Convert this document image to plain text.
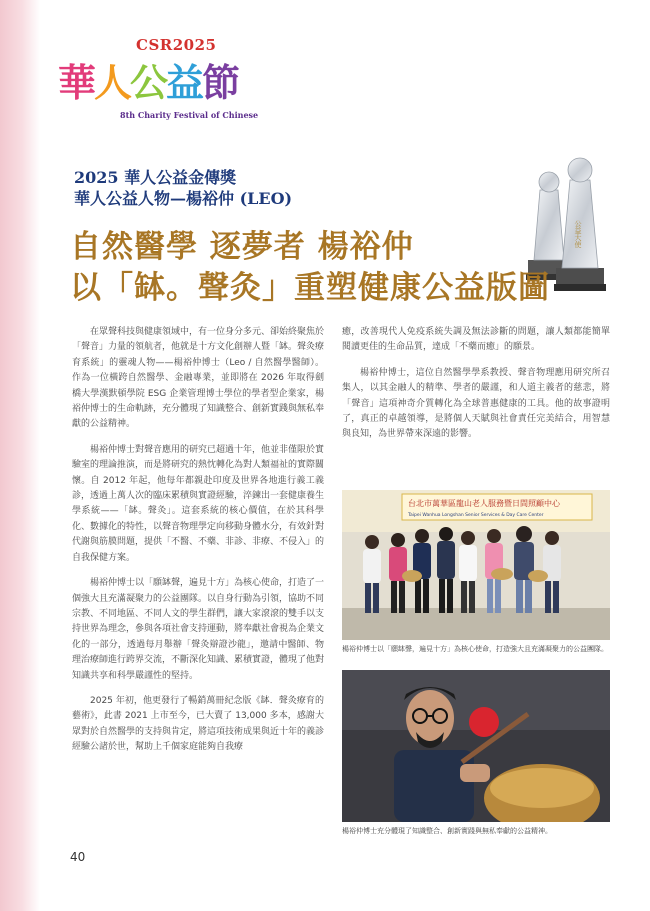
CSR2025
華人公益節
8th Charity Festival of Chinese
2025 華人公益金傳獎
華人公益人物—楊裕仲 (LEO)
公益大使
自然醫學 逐夢者 楊裕仲
以「缽。聲灸」重塑健康公益版圖

在眾聲科技與健康領域中，有一位身分多元、卻始終聚焦於「聲音」力量的領航者，他就是十方文化創辦人暨「缽。聲灸療育系統」的靈魂人物——楊裕仲博士（Leo / 自然醫學醫師）。作為一位橫跨自然醫學、金融專業，並即將在 2026 年取得劍橋大學漢默頓學院 ESG 企業管理博士學位的學者型企業家，楊裕仲博士的生命軌跡，充分體現了知識整合、創新實踐與無私奉獻的公益精神。

楊裕仲博士對聲音應用的研究已超過十年，他並非僅限於實驗室的理論推演，而是將研究的熱忱轉化為對人類福祉的實際關懷。自 2012 年起，他每年都親赴印度及世界各地進行義工義診，透過上萬人次的臨床累積與實證經驗，淬鍊出一套健康養生學系統——「缽。聲灸」。這套系統的核心價值，在於其科學化、數據化的特性，以聲音物理學定向移動身體水分，有效針對代謝與筋膜問題，提供「不醫、不藥、非診、非療、不侵入」的自我保健方案。

楊裕仲博士以「願缽聲，遍見十方」為核心使命，打造了一個強大且充滿凝聚力的公益團隊。以自身行動為引領，協助不同宗教、不同地區、不同人文的學生群們，讓大家滾滾的雙手以支持世界為理念，參與各項社會支持運動，將奉獻社會視為企業文化的一部分，透過每月舉辦「聲灸辯證沙龍」，邀請中醫師、物理治療師進行跨界交流，不斷深化知識、累積實證，體現了他對知識共享和科學嚴謹性的堅持。

2025 年初，他更發行了暢銷萬冊紀念版《缽．聲灸療育的藝術》，此書 2021 上市至今，已大賣了 13,000 多本，感謝大眾對於自然醫學的支持與肯定，將這項技術成果與近十年的義診經驗公諸於世，幫助上千個家庭能夠自我療

癒，改善現代人免疫系統失調及無法診斷的問題，讓人類都能簡單閱讀更佳的生命品質，達成「不藥而癒」的願景。

楊裕仲博士，這位自然醫學學系教授、聲音物理應用研究所召集人，以其金融人的精準、學者的嚴謹，和人道主義者的慈悲，將「聲音」這項神奇介質轉化為全球普惠健康的工具。他的故事證明了，真正的卓越領導，是將個人天賦與社會責任完美結合，用智慧與良知，為世界帶來深遠的影響。

台北市萬華區龍山老人服務暨日間照顧中心
Taipei Wanhua Longshan Senior Services & Day Care Center
楊裕仲博士以「願缽聲，遍見十方」為核心使命，打造強大且充滿凝聚力的公益團隊。
楊裕仲博士充分體現了知識整合、創新實踐與無私奉獻的公益精神。
40
